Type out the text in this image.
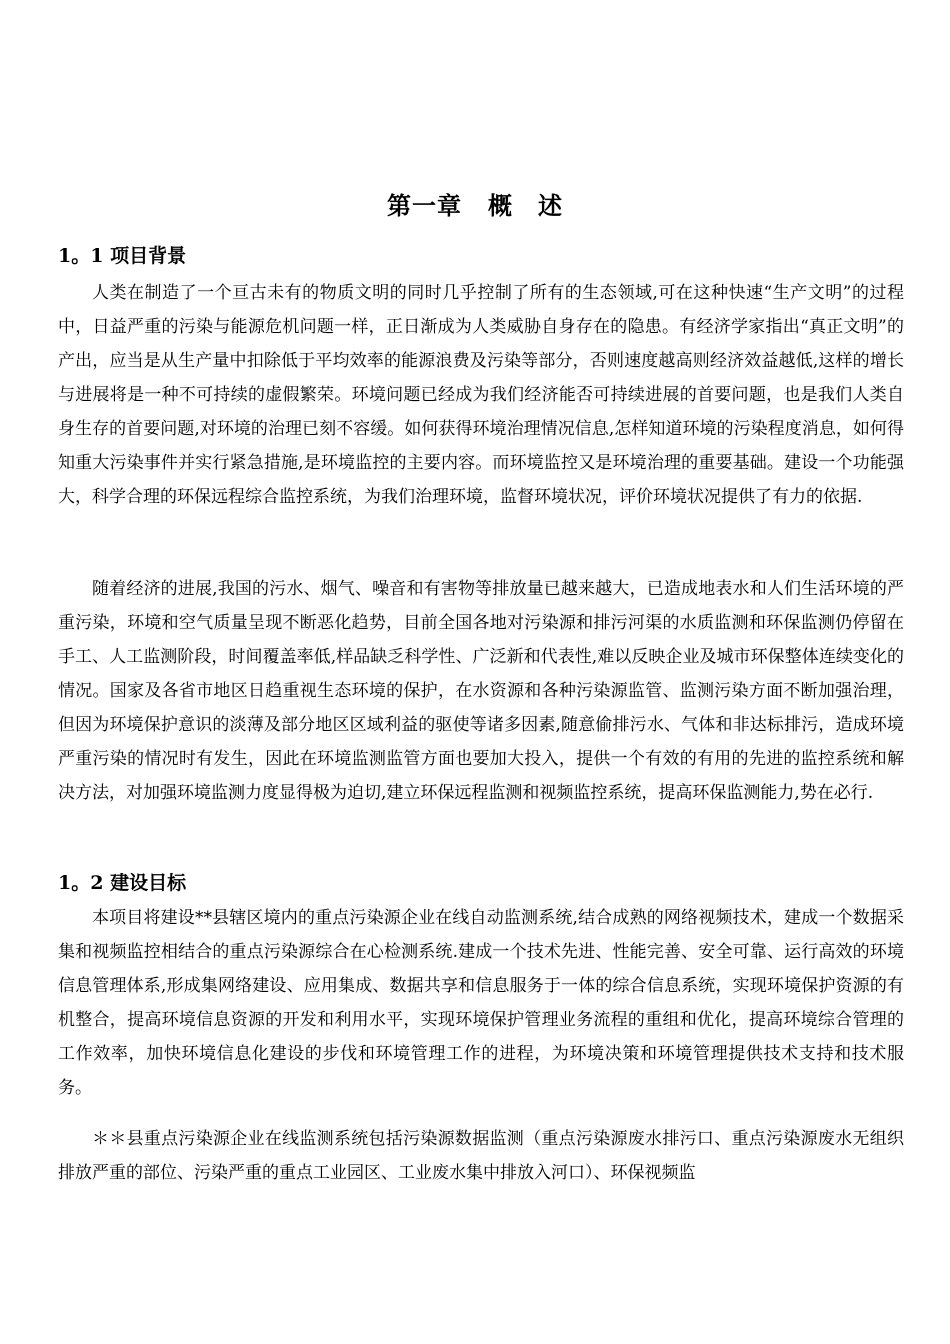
第一章 概　述
1。1 项目背景

人类在制造了一个亘古未有的物质文明的同时几乎控制了所有的生态领域,可在这种快速“生产文明”的过程中，日益严重的污染与能源危机问题一样，正日渐成为人类威胁自身存在的隐患。有经济学家指出“真正文明”的产出，应当是从生产量中扣除低于平均效率的能源浪费及污染等部分，否则速度越高则经济效益越低,这样的增长与进展将是一种不可持续的虚假繁荣。环境问题已经成为我们经济能否可持续进展的首要问题，也是我们人类自身生存的首要问题,对环境的治理已刻不容缓。如何获得环境治理情况信息,怎样知道环境的污染程度消息，如何得知重大污染事件并实行紧急措施,是环境监控的主要内容。而环境监控又是环境治理的重要基础。建设一个功能强大，科学合理的环保远程综合监控系统，为我们治理环境，监督环境状况，评价环境状况提供了有力的依据.

随着经济的进展,我国的污水、烟气、噪音和有害物等排放量已越来越大，已造成地表水和人们生活环境的严重污染，环境和空气质量呈现不断恶化趋势，目前全国各地对污染源和排污河渠的水质监测和环保监测仍停留在手工、人工监测阶段，时间覆盖率低,样品缺乏科学性、广泛新和代表性,难以反映企业及城市环保整体连续变化的情况。国家及各省市地区日趋重视生态环境的保护，在水资源和各种污染源监管、监测污染方面不断加强治理，但因为环境保护意识的淡薄及部分地区区域利益的驱使等诸多因素,随意偷排污水、气体和非达标排污，造成环境严重污染的情况时有发生，因此在环境监测监管方面也要加大投入，提供一个有效的有用的先进的监控系统和解决方法，对加强环境监测力度显得极为迫切,建立环保远程监测和视频监控系统，提高环保监测能力,势在必行.

1。2 建设目标

本项目将建设**县辖区境内的重点污染源企业在线自动监测系统,结合成熟的网络视频技术，建成一个数据采集和视频监控相结合的重点污染源综合在心检测系统.建成一个技术先进、性能完善、安全可靠、运行高效的环境信息管理体系,形成集网络建设、应用集成、数据共享和信息服务于一体的综合信息系统，实现环境保护资源的有机整合，提高环境信息资源的开发和利用水平，实现环境保护管理业务流程的重组和优化，提高环境综合管理的工作效率，加快环境信息化建设的步伐和环境管理工作的进程，为环境决策和环境管理提供技术支持和技术服务。

＊＊县重点污染源企业在线监测系统包括污染源数据监测（重点污染源废水排污口、重点污染源废水无组织排放严重的部位、污染严重的重点工业园区、工业废水集中排放入河口）、环保视频监
